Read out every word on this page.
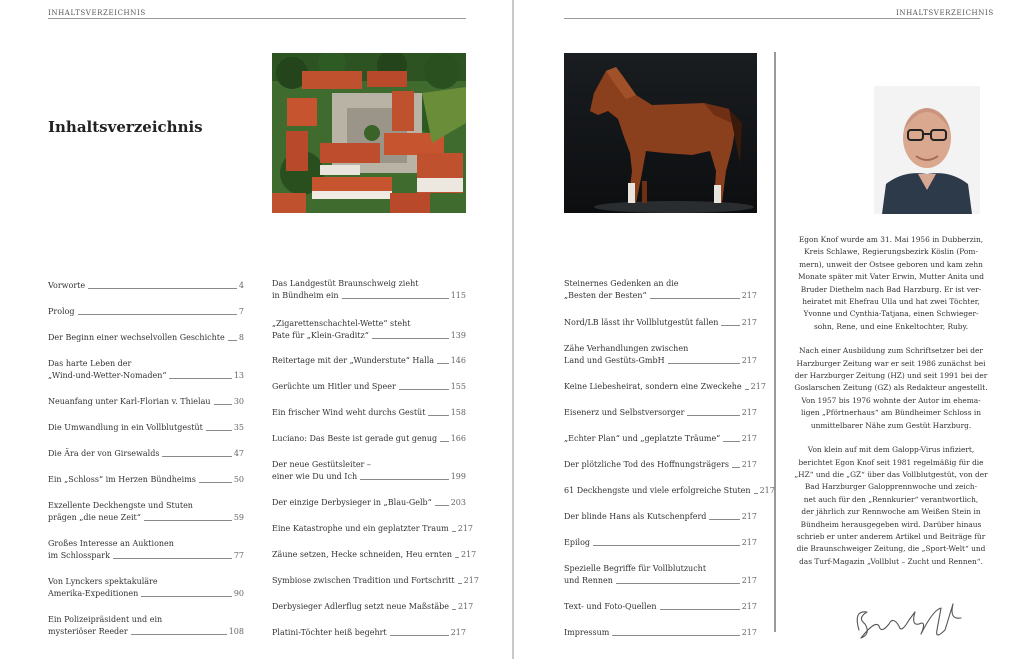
INHALTSVERZEICHNIS
Inhaltsverzeichnis
Vorworte	4
Prolog	7
Der Beginn einer wechselvollen Geschichte 8
Das harte Leben der
„Wind-und-Wetter-Nomaden“	13
Neuanfang unter Karl-Florian v. Thielau	30
Die Umwandlung in ein Vollblutgestüt	35
Die Ära der von Girsewalds	47
Ein „Schloss“ im Herzen Bündheims	50
Exzellente Deckhengste und Stuten
prägen „die neue Zeit“	59
Großes Interesse an Auktionen
im Schlosspark	77
Von Lynckers spektakuläre
Amerika-Expeditionen	90
Ein Polizeipräsident und ein
mysteriöser Reeder	108
Das Landgestüt Braunschweig zieht
in Bündheim ein	115
„Zigarettenschachtel-Wette“ steht
Pate für „Klein-Graditz“	139
Reitertage mit der „Wunderstute“ Halla 146
Gerüchte um Hitler und Speer	155
Ein frischer Wind weht durchs Gestüt	158
Luciano: Das Beste ist gerade gut genug 166
Der neue Gestütsleiter –
einer wie Du und Ich	199
Der einzige Derbysieger in „Blau-Gelb“ 203
Eine Katastrophe und ein geplatzter Traum 217
Zäune setzen, Hecke schneiden, Heu ernten 217
Symbiose zwischen Tradition und Fortschritt 217
Derbysieger Adlerflug setzt neue Maßstäbe 217
Platini-Töchter heiß begehrt	217
INHALTSVERZEICHNIS
Steinernes Gedenken an die
„Besten der Besten“	217
Nord/LB lässt ihr Vollblutgestüt fallen	217
Zähe Verhandlungen zwischen
Land und Gestüts-GmbH	217
Keine Liebesheirat, sondern eine Zweckehe 217
Eisenerz und Selbstversorger	217
„Echter Plan“ und „geplatzte Träume“	217
Der plötzliche Tod des Hoffnungsträgers 217
61 Deckhengste und viele erfolgreiche Stuten 217
Der blinde Hans als Kutschenpferd	217
Epilog	217
Spezielle Begriffe für Vollblutzucht
und Rennen	217
Text- und Foto-Quellen	217
Impressum	217

Egon Knof wurde am 31. Mai 1956 in Dubberzin,
Kreis Schlawe, Regierungsbezirk Köslin (Pom-
mern), unweit der Ostsee geboren und kam zehn
Monate später mit Vater Erwin, Mutter Anita und
Bruder Diethelm nach Bad Harzburg. Er ist ver-
heiratet mit Ehefrau Ulla und hat zwei Töchter,
Yvonne und Cynthia-Tatjana, einen Schwieger-
sohn, Rene, und eine Enkeltochter, Ruby.

Nach einer Ausbildung zum Schriftsetzer bei der
Harzburger Zeitung war er seit 1986 zunächst bei
der Harzburger Zeitung (HZ) und seit 1991 bei der
Goslarschen Zeitung (GZ) als Redakteur angestellt.
Von 1957 bis 1976 wohnte der Autor im ehema-
ligen „Pförtnerhaus“ am Bündheimer Schloss in
unmittelbarer Nähe zum Gestüt Harzburg.

Von klein auf mit dem Galopp-Virus infiziert,
berichtet Egon Knof seit 1981 regelmäßig für die
„HZ“ und die „GZ“ über das Vollblutgestüt, von der
Bad Harzburger Galopprennwoche und zeich-
net auch für den „Rennkurier“ verantwortlich,
der jährlich zur Rennwoche am Weißen Stein in
Bündheim herausgegeben wird. Darüber hinaus
schrieb er unter anderem Artikel und Beiträge für
die Braunschweiger Zeitung, die „Sport-Welt“ und
das Turf-Magazin „Vollblut – Zucht und Rennen“.
